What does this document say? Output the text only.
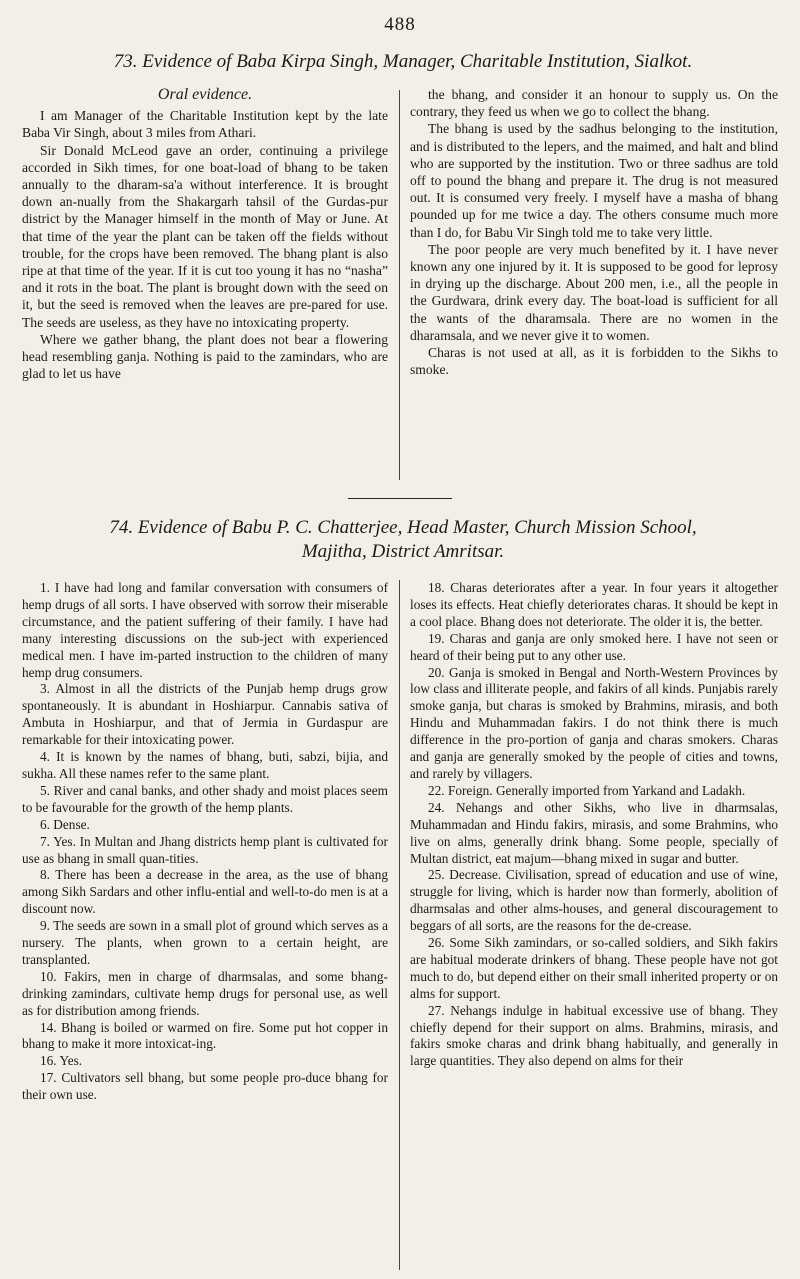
488
73. Evidence of Baba Kirpa Singh, Manager, Charitable Institution, Sialkot.

Oral evidence.

I am Manager of the Charitable Institution kept by the late Baba Vir Singh, about 3 miles from Athari.

Sir Donald McLeod gave an order, continuing a privilege accorded in Sikh times, for one boat-load of bhang to be taken annually to the dharam-sa'a without interference. It is brought down an-nually from the Shakargarh tahsil of the Gurdas-pur district by the Manager himself in the month of May or June. At that time of the year the plant can be taken off the fields without trouble, for the crops have been removed. The bhang plant is also ripe at that time of the year. If it is cut too young it has no “nasha” and it rots in the boat. The plant is brought down with the seed on it, but the seed is removed when the leaves are pre-pared for use. The seeds are useless, as they have no intoxicating property.

Where we gather bhang, the plant does not bear a flowering head resembling ganja. Nothing is paid to the zamindars, who are glad to let us have

the bhang, and consider it an honour to supply us. On the contrary, they feed us when we go to collect the bhang.

The bhang is used by the sadhus belonging to the institution, and is distributed to the lepers, and the maimed, and halt and blind who are supported by the institution. Two or three sadhus are told off to pound the bhang and prepare it. The drug is not measured out. It is consumed very freely. I myself have a masha of bhang pounded up for me twice a day. The others consume much more than I do, for Babu Vir Singh told me to take very little.

The poor people are very much benefited by it. I have never known any one injured by it. It is supposed to be good for leprosy in drying up the discharge. About 200 men, i.e., all the people in the Gurdwara, drink every day. The boat-load is sufficient for all the wants of the dharamsala. There are no women in the dharamsala, and we never give it to women.

Charas is not used at all, as it is forbidden to the Sikhs to smoke.

74. Evidence of Babu P. C. Chatterjee, Head Master, Church Mission School,
Majitha, District Amritsar.

1. I have had long and familar conversation with consumers of hemp drugs of all sorts. I have observed with sorrow their miserable circumstance, and the patient suffering of their family. I have had many interesting discussions on the sub-ject with experienced medical men. I have im-parted instruction to the children of many hemp drug consumers.

3. Almost in all the districts of the Punjab hemp drugs grow spontaneously. It is abundant in Hoshiarpur. Cannabis sativa of Ambuta in Hoshiarpur, and that of Jermia in Gurdaspur are remarkable for their intoxicating power.

4. It is known by the names of bhang, buti, sabzi, bijia, and sukha. All these names refer to the same plant.

5. River and canal banks, and other shady and moist places seem to be favourable for the growth of the hemp plants.

6. Dense.

7. Yes. In Multan and Jhang districts hemp plant is cultivated for use as bhang in small quan-tities.

8. There has been a decrease in the area, as the use of bhang among Sikh Sardars and other influ-ential and well-to-do men is at a discount now.

9. The seeds are sown in a small plot of ground which serves as a nursery. The plants, when grown to a certain height, are transplanted.

10. Fakirs, men in charge of dharmsalas, and some bhang-drinking zamindars, cultivate hemp drugs for personal use, as well as for distribution among friends.

14. Bhang is boiled or warmed on fire. Some put hot copper in bhang to make it more intoxicat-ing.

16. Yes.

17. Cultivators sell bhang, but some people pro-duce bhang for their own use.

18. Charas deteriorates after a year. In four years it altogether loses its effects. Heat chiefly deteriorates charas. It should be kept in a cool place. Bhang does not deteriorate. The older it is, the better.

19. Charas and ganja are only smoked here. I have not seen or heard of their being put to any other use.

20. Ganja is smoked in Bengal and North-Western Provinces by low class and illiterate people, and fakirs of all kinds. Punjabis rarely smoke ganja, but charas is smoked by Brahmins, mirasis, and both Hindu and Muhammadan fakirs. I do not think there is much difference in the pro-portion of ganja and charas smokers. Charas and ganja are generally smoked by the people of cities and towns, and rarely by villagers.

22. Foreign. Generally imported from Yarkand and Ladakh.

24. Nehangs and other Sikhs, who live in dharmsalas, Muhammadan and Hindu fakirs, mirasis, and some Brahmins, who live on alms, generally drink bhang. Some people, specially of Multan district, eat majum—bhang mixed in sugar and butter.

25. Decrease. Civilisation, spread of education and use of wine, struggle for living, which is harder now than formerly, abolition of dharmsalas and other alms-houses, and general discouragement to beggars of all sorts, are the reasons for the de-crease.

26. Some Sikh zamindars, or so-called soldiers, and Sikh fakirs are habitual moderate drinkers of bhang. These people have not got much to do, but depend either on their small inherited property or on alms for support.

27. Nehangs indulge in habitual excessive use of bhang. They chiefly depend for their support on alms. Brahmins, mirasis, and fakirs smoke charas and drink bhang habitually, and generally in large quantities. They also depend on alms for their
